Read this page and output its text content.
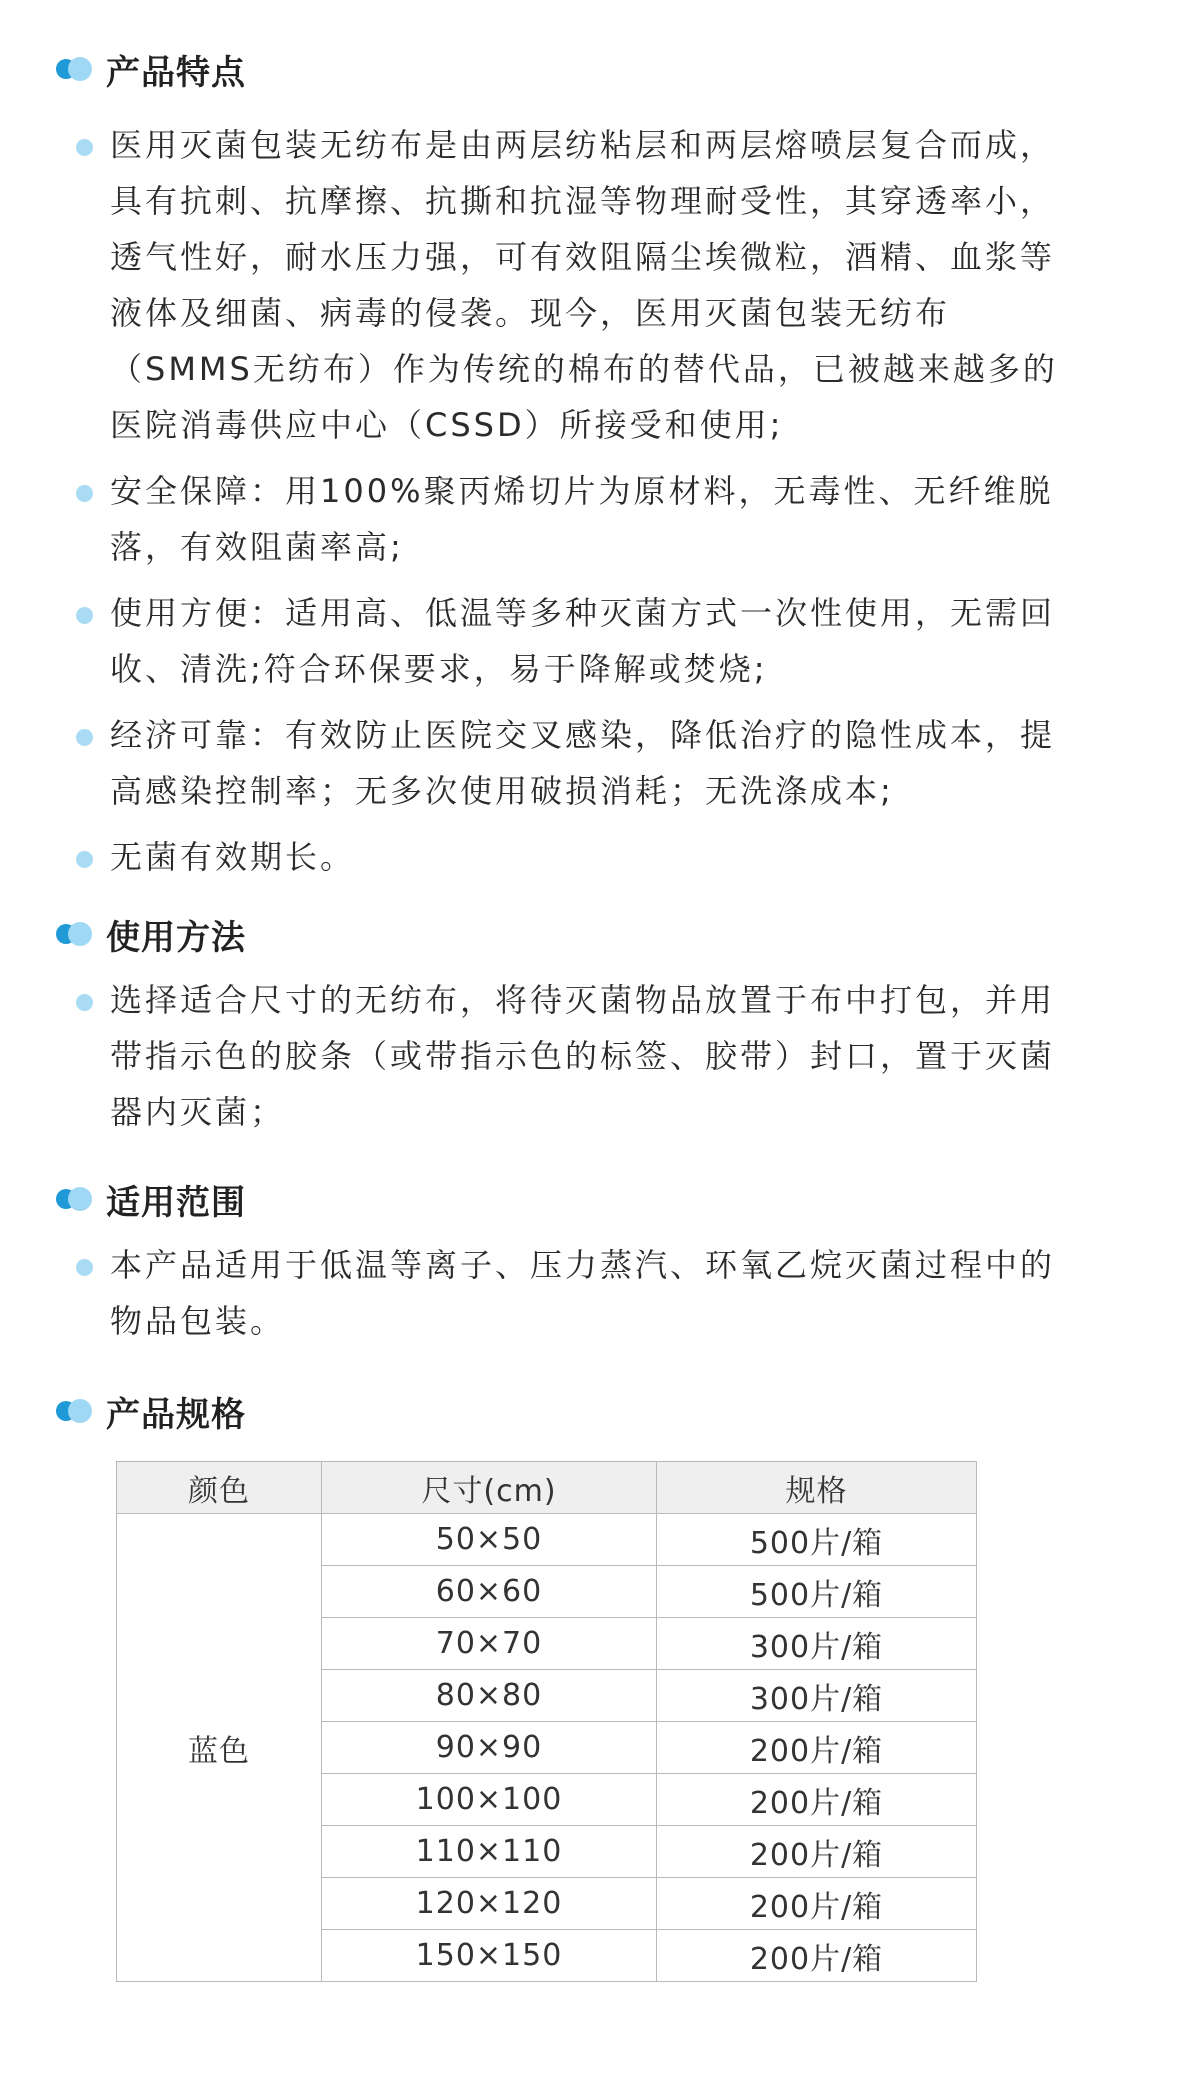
产品特点
医用灭菌包装无纺布是由两层纺粘层和两层熔喷层复合而成，具有抗刺、抗摩擦、抗撕和抗湿等物理耐受性，其穿透率小，透气性好，耐水压力强，可有效阻隔尘埃微粒，酒精、血浆等液体及细菌、病毒的侵袭。现今，医用灭菌包装无纺布（SMMS无纺布）作为传统的棉布的替代品，已被越来越多的医院消毒供应中心（CSSD）所接受和使用;
安全保障：用100%聚丙烯切片为原材料，无毒性、无纤维脱落，有效阻菌率高;
使用方便：适用高、低温等多种灭菌方式一次性使用，无需回收、清洗;符合环保要求，易于降解或焚烧;
经济可靠：有效防止医院交叉感染，降低治疗的隐性成本，提高感染控制率；无多次使用破损消耗；无洗涤成本;
无菌有效期长。
使用方法
选择适合尺寸的无纺布，将待灭菌物品放置于布中打包，并用带指示色的胶条（或带指示色的标签、胶带）封口，置于灭菌器内灭菌；
适用范围
本产品适用于低温等离子、压力蒸汽、环氧乙烷灭菌过程中的物品包装。
产品规格
颜色	尺寸(cm)	规格
蓝色	50×50	500片/箱
	60×60	500片/箱
	70×70	300片/箱
	80×80	300片/箱
	90×90	200片/箱
	100×100	200片/箱
	110×110	200片/箱
	120×120	200片/箱
	150×150	200片/箱
